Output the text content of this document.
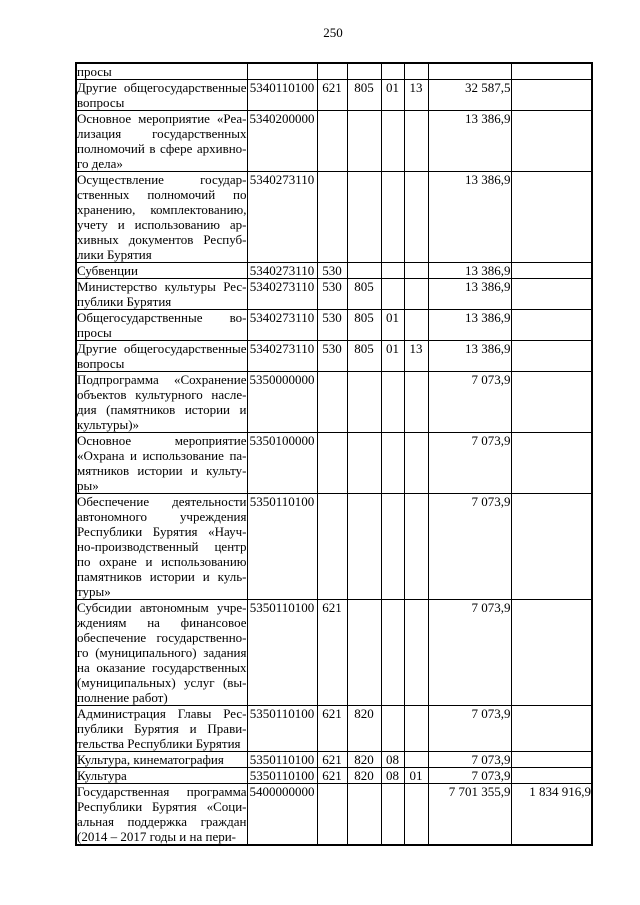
250
просы							

Другие общегосударственные
вопросы	5340110100	621	805	01	13	32 587,5	

Основное мероприятие «Реа-
лизация государственных
полномочий в сфере архивно-
го дела»	5340200000					13 386,9	

Осуществление государ-
ственных полномочий по
хранению, комплектованию,
учету и использованию ар-
хивных документов Респуб-
лики Бурятия
	5340273110					13 386,9	

Субвенции	5340273110	530				13 386,9	

Министерство культуры Рес-
публики Бурятия	5340273110	530	805			13 386,9	

Общегосударственные во-
просы	5340273110	530	805	01		13 386,9	

Другие общегосударственные
вопросы	5340273110	530	805	01	13	13 386,9	

Подпрограмма «Сохранение
объектов культурного насле-
дия (памятников истории и
культуры)»	5350000000					7 073,9	

Основное мероприятие
«Охрана и использование па-
мятников истории и культу-
ры»	5350100000					7 073,9	

Обеспечение деятельности
автономного учреждения
Республики Бурятия «Науч-
но-производственный центр
по охране и использованию
памятников истории и куль-
туры»
	5350110100					7 073,9	

Субсидии автономным учре-
ждениям на финансовое
обеспечение государственно-
го (муниципального) задания
на оказание государственных
(муниципальных) услуг (вы-
полнение работ)
	5350110100	621				7 073,9	

Администрация Главы Рес-
публики Бурятия и Прави-
тельства Республики Бурятия	5350110100	621	820			7 073,9	

Культура, кинематография	5350110100	621	820	08		7 073,9	

Культура	5350110100	621	820	08	01	7 073,9	

Государственная программа
Республики Бурятия «Соци-
альная поддержка граждан
(2014 – 2017 годы и на пери-	5400000000					7 701 355,9	1 834 916,9
